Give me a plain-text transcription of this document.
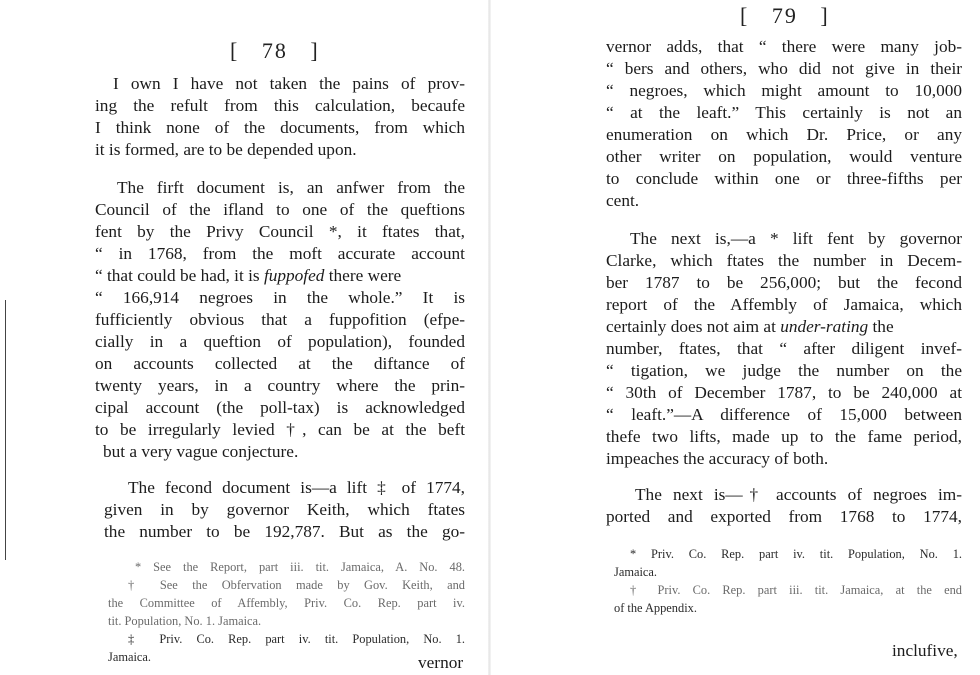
[   78   ]

I own I have not taken the pains of prov-

ing the refult from this calculation, becaufe

I think none of the documents, from which

it is formed, are to be depended upon.

The firft document is, an anfwer from the

Council of the ifland to one of the queftions

fent by the Privy Council *, it ftates that,

“ in 1768, from the moft accurate account

“ that could be had, it is fuppofed there were

“ 166,914 negroes in the whole.” It is

fufficiently obvious that a fuppofition (efpe-

cially in a queftion of population), founded

on accounts collected at the diftance of

twenty years, in a country where the prin-

cipal account (the poll-tax) is acknowledged

to be irregularly levied †, can be at the beft

but a very vague conjecture.

The fecond document is—a lift ‡ of 1774,

given in by governor Keith, which ftates

the number to be 192,787. But as the go-

* See the Report, part iii. tit. Jamaica, A. No. 48.

† See the Obfervation made by Gov. Keith, and

the Committee of Affembly, Priv. Co. Rep. part iv.

tit. Population, No. 1. Jamaica.

‡ Priv. Co. Rep. part iv. tit. Population, No. 1.

Jamaica.	vernor
[   79   ]

vernor adds, that “ there were many job-

“ bers and others, who did not give in their

“ negroes, which might amount to 10,000

“ at the leaft.” This certainly is not an

enumeration on which Dr. Price, or any

other writer on population, would venture

to conclude within one or three-fifths per

cent.

The next is,—a * lift fent by governor

Clarke, which ftates the number in Decem-

ber 1787 to be 256,000; but the fecond

report of the Affembly of Jamaica, which

certainly does not aim at under-rating the

number, ftates, that “ after diligent invef-

“ tigation, we judge the number on the

“ 30th of December 1787, to be 240,000 at

“ leaft.”—A difference of 15,000 between

thefe two lifts, made up to the fame period,

impeaches the accuracy of both.

The next is—† accounts of negroes im-

ported and exported from 1768 to 1774,

* Priv. Co. Rep. part iv. tit. Population, No. 1.

Jamaica.

† Priv. Co. Rep. part iii. tit. Jamaica, at the end

of the Appendix.

inclufive,
